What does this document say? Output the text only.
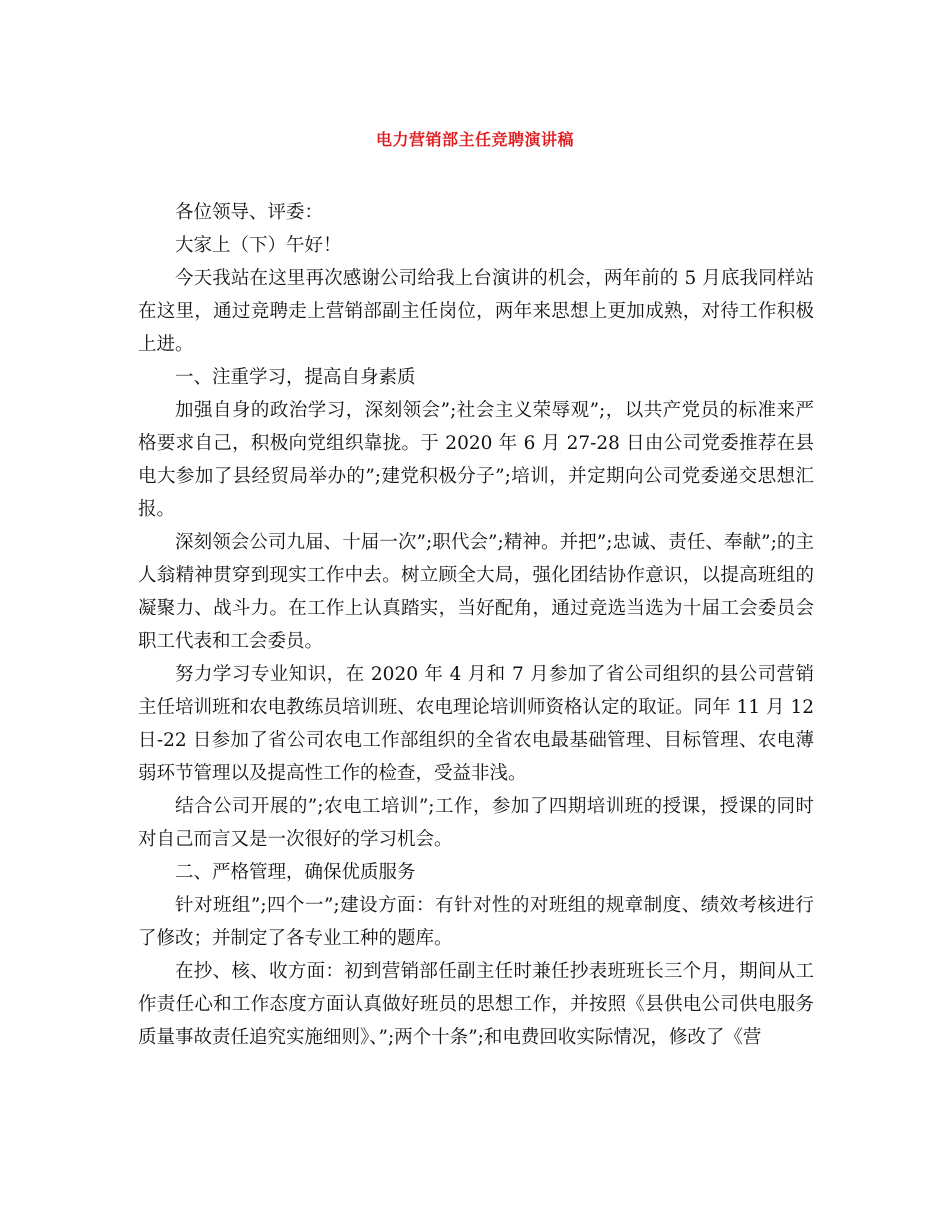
电力营销部主任竞聘演讲稿

各位领导、评委：

大家上（下）午好！

今天我站在这里再次感谢公司给我上台演讲的机会，两年前的 5 月底我同样站在这里，通过竞聘走上营销部副主任岗位，两年来思想上更加成熟，对待工作积极上进。

一、注重学习，提高自身素质

加强自身的政治学习，深刻领会”;社会主义荣辱观”;，以共产党员的标准来严格要求自己，积极向党组织靠拢。于 2020 年 6 月 27-28 日由公司党委推荐在县电大参加了县经贸局举办的”;建党积极分子”;培训，并定期向公司党委递交思想汇报。

深刻领会公司九届、十届一次”;职代会”;精神。并把”;忠诚、责任、奉献”;的主人翁精神贯穿到现实工作中去。树立顾全大局，强化团结协作意识，以提高班组的凝聚力、战斗力。在工作上认真踏实，当好配角，通过竞选当选为十届工会委员会职工代表和工会委员。

努力学习专业知识，在 2020 年 4 月和 7 月参加了省公司组织的县公司营销主任培训班和农电教练员培训班、农电理论培训师资格认定的取证。同年 11 月 12 日-22 日参加了省公司农电工作部组织的全省农电最基础管理、目标管理、农电薄弱环节管理以及提高性工作的检查，受益非浅。

结合公司开展的”;农电工培训”;工作，参加了四期培训班的授课，授课的同时对自己而言又是一次很好的学习机会。

二、严格管理，确保优质服务

针对班组”;四个一”;建设方面：有针对性的对班组的规章制度、绩效考核进行了修改；并制定了各专业工种的题库。

在抄、核、收方面：初到营销部任副主任时兼任抄表班班长三个月，期间从工作责任心和工作态度方面认真做好班员的思想工作，并按照《县供电公司供电服务质量事故责任追究实施细则》、”;两个十条”;和电费回收实际情况，修改了《营
